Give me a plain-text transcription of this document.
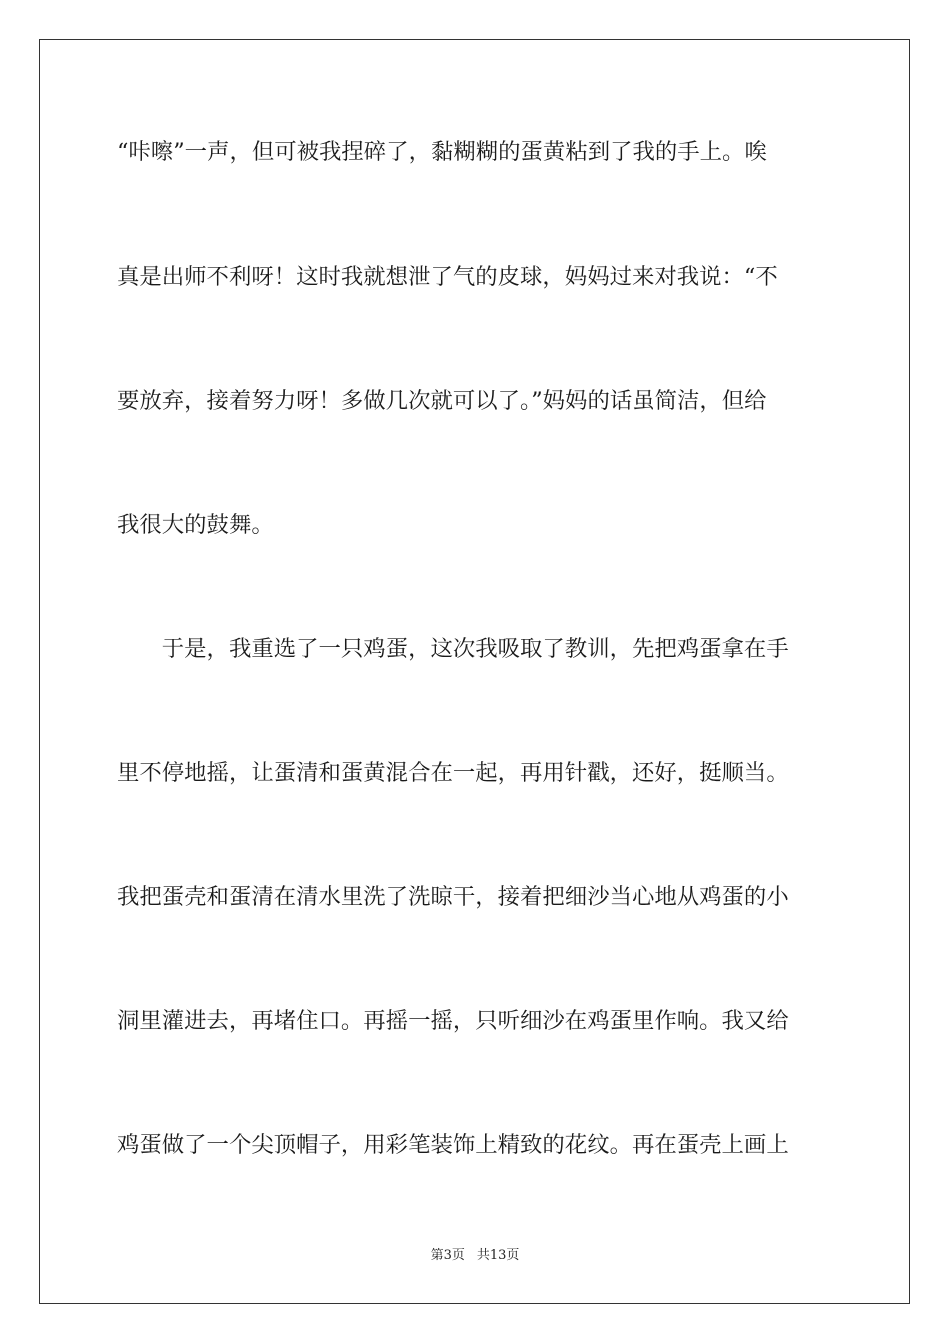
“咔嚓”一声，但可被我捏碎了，黏糊糊的蛋黄粘到了我的手上。唉
真是出师不利呀！这时我就想泄了气的皮球，妈妈过来对我说：“不
要放弃，接着努力呀！多做几次就可以了。”妈妈的话虽简洁，但给
我很大的鼓舞。
　　于是，我重选了一只鸡蛋，这次我吸取了教训，先把鸡蛋拿在手
里不停地摇，让蛋清和蛋黄混合在一起，再用针戳，还好，挺顺当。
我把蛋壳和蛋清在清水里洗了洗晾干，接着把细沙当心地从鸡蛋的小
洞里灌进去，再堵住口。再摇一摇，只听细沙在鸡蛋里作响。我又给
鸡蛋做了一个尖顶帽子，用彩笔装饰上精致的花纹。再在蛋壳上画上
第3页 共13页
